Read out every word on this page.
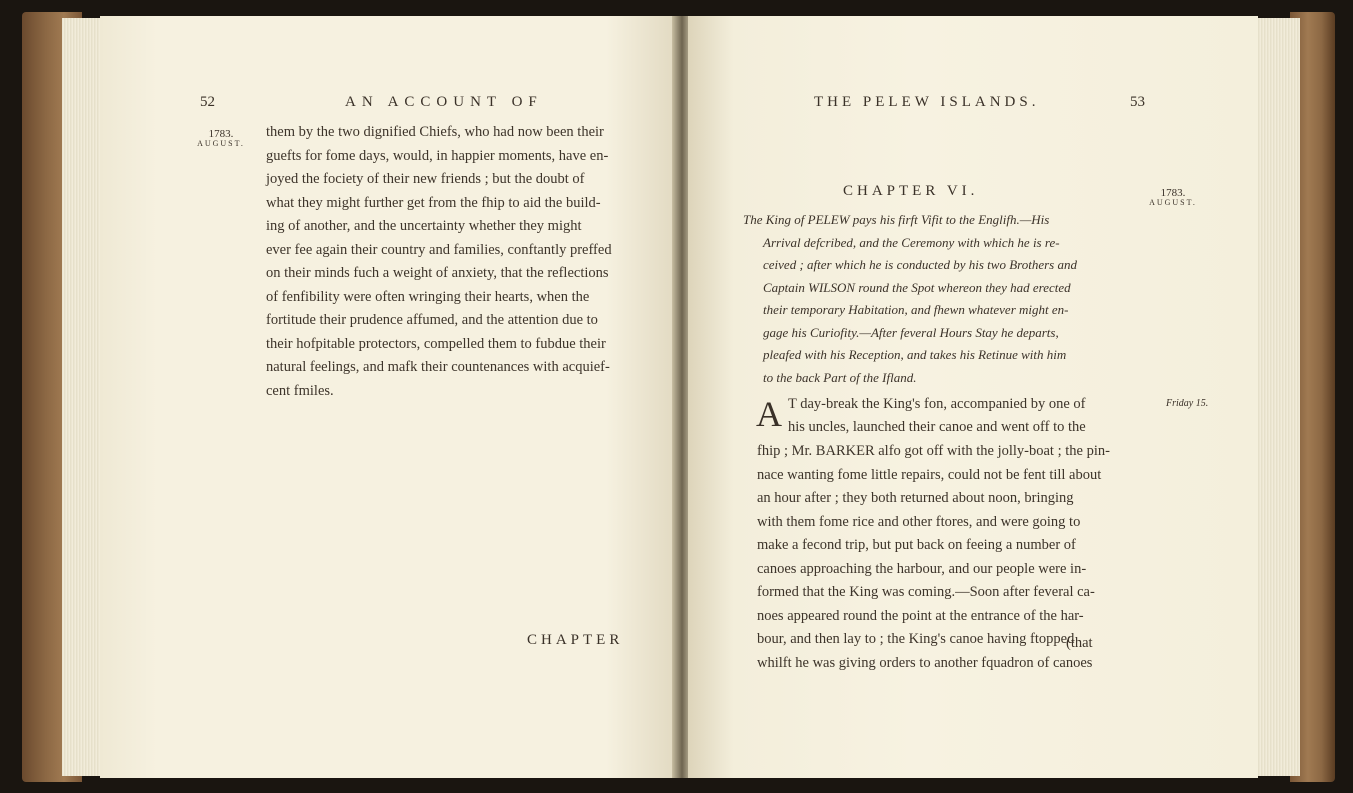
52	AN ACCOUNT OF
1783.
AUGUST.
them by the two dignified Chiefs, who had now been their
guefts for fome days, would, in happier moments, have en-
joyed the fociety of their new friends ; but the doubt of
what they might further get from the fhip to aid the build-
ing of another, and the uncertainty whether they might
ever fee again their country and families, conftantly preffed
on their minds fuch a weight of anxiety, that the reflections
of fenfibility were often wringing their hearts, when the
fortitude their prudence affumed, and the attention due to
their hofpitable protectors, compelled them to fubdue their
natural feelings, and mafk their countenances with acquief-
cent fmiles.
CHAPTER
THE PELEW ISLANDS.	53
CHAPTER VI.	1783.
AUGUST.
The King of PELEW pays his firft Vifit to the Englifh.—His
Arrival defcribed, and the Ceremony with which he is re-
ceived ; after which he is conducted by his two Brothers and
Captain WILSON round the Spot whereon they had erected
their temporary Habitation, and fhewn whatever might en-
gage his Curiofity.—After feveral Hours Stay he departs,
pleafed with his Reception, and takes his Retinue with him
to the back Part of the Ifland.
A T day-break the King's fon, accompanied by one of
his uncles, launched their canoe and went off to the
Friday 15.
fhip ; Mr. BARKER alfo got off with the jolly-boat ; the pin-
nace wanting fome little repairs, could not be fent till about
an hour after ; they both returned about noon, bringing
with them fome rice and other ftores, and were going to
make a fecond trip, but put back on feeing a number of
canoes approaching the harbour, and our people were in-
formed that the King was coming.—Soon after feveral ca-
noes appeared round the point at the entrance of the har-
bour, and then lay to ; the King's canoe having ftopped
whilft he was giving orders to another fquadron of canoes
(that
